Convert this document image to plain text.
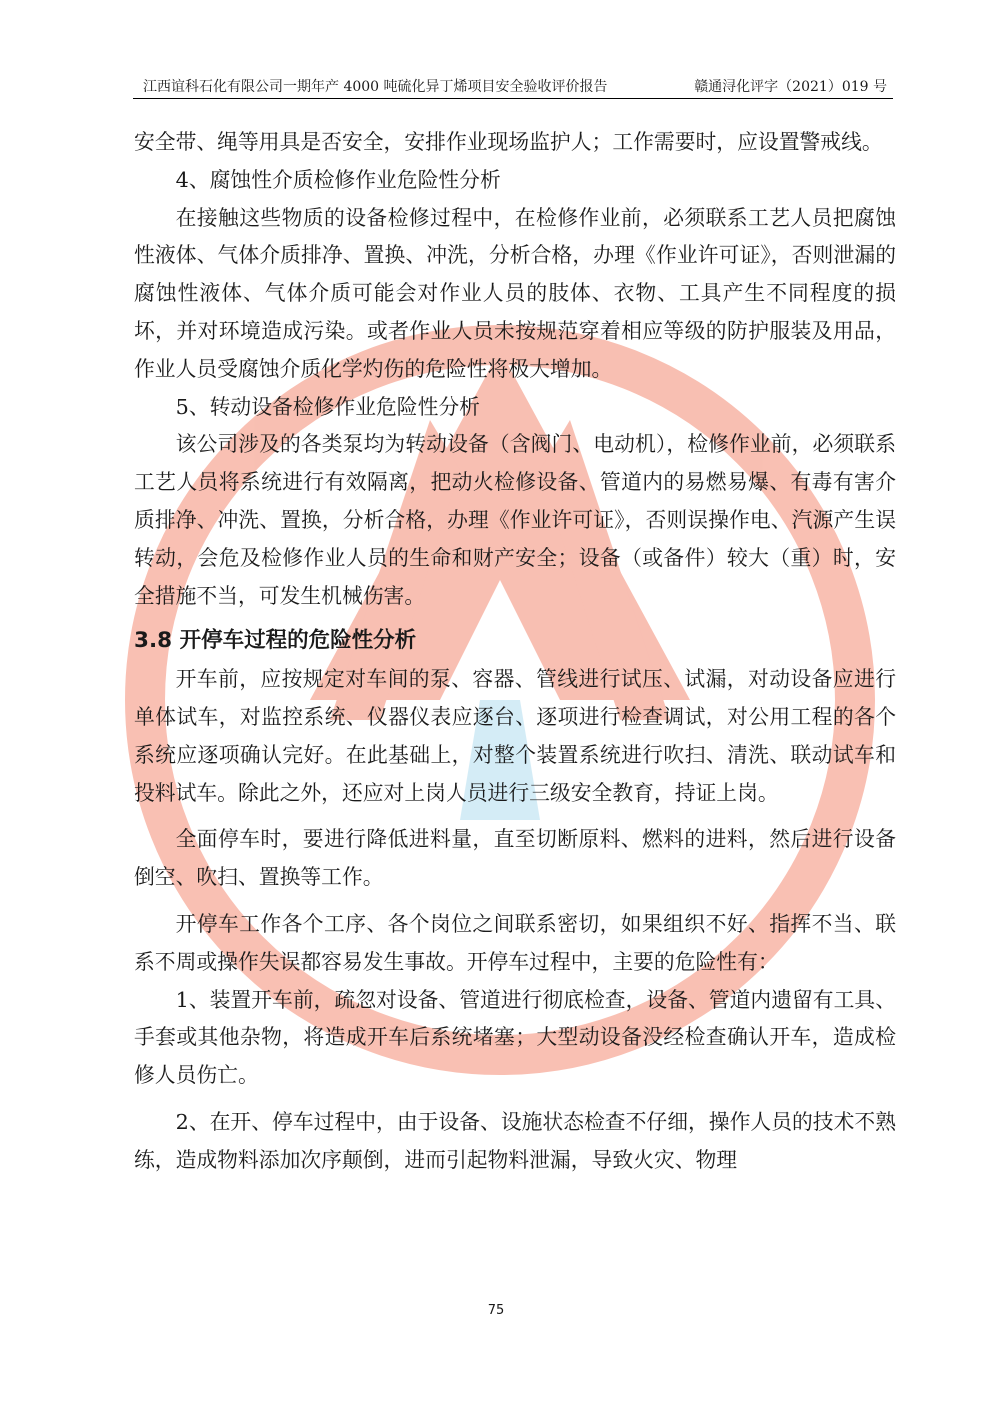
江西谊科石化有限公司一期年产 4000 吨硫化异丁烯项目安全验收评价报告	赣通浔化评字（2021）019 号

安全带、绳等用具是否安全，安排作业现场监护人；工作需要时，应设置警戒线。

4、腐蚀性介质检修作业危险性分析

在接触这些物质的设备检修过程中，在检修作业前，必须联系工艺人员把腐蚀性液体、气体介质排净、置换、冲洗，分析合格，办理《作业许可证》，否则泄漏的腐蚀性液体、气体介质可能会对作业人员的肢体、衣物、工具产生不同程度的损坏，并对环境造成污染。或者作业人员未按规范穿着相应等级的防护服装及用品，作业人员受腐蚀介质化学灼伤的危险性将极大增加。

5、转动设备检修作业危险性分析

该公司涉及的各类泵均为转动设备（含阀门、电动机），检修作业前，必须联系工艺人员将系统进行有效隔离，把动火检修设备、管道内的易燃易爆、有毒有害介质排净、冲洗、置换，分析合格，办理《作业许可证》，否则误操作电、汽源产生误转动，会危及检修作业人员的生命和财产安全；设备（或备件）较大（重）时，安全措施不当，可发生机械伤害。

3.8 开停车过程的危险性分析

开车前，应按规定对车间的泵、容器、管线进行试压、试漏，对动设备应进行单体试车，对监控系统、仪器仪表应逐台、逐项进行检查调试，对公用工程的各个系统应逐项确认完好。在此基础上，对整个装置系统进行吹扫、清洗、联动试车和投料试车。除此之外，还应对上岗人员进行三级安全教育，持证上岗。

全面停车时，要进行降低进料量，直至切断原料、燃料的进料，然后进行设备倒空、吹扫、置换等工作。

开停车工作各个工序、各个岗位之间联系密切，如果组织不好、指挥不当、联系不周或操作失误都容易发生事故。开停车过程中，主要的危险性有：

1、装置开车前，疏忽对设备、管道进行彻底检查，设备、管道内遗留有工具、手套或其他杂物，将造成开车后系统堵塞；大型动设备没经检查确认开车，造成检修人员伤亡。

2、在开、停车过程中，由于设备、设施状态检查不仔细，操作人员的技术不熟练，造成物料添加次序颠倒，进而引起物料泄漏，导致火灾、物理

75
